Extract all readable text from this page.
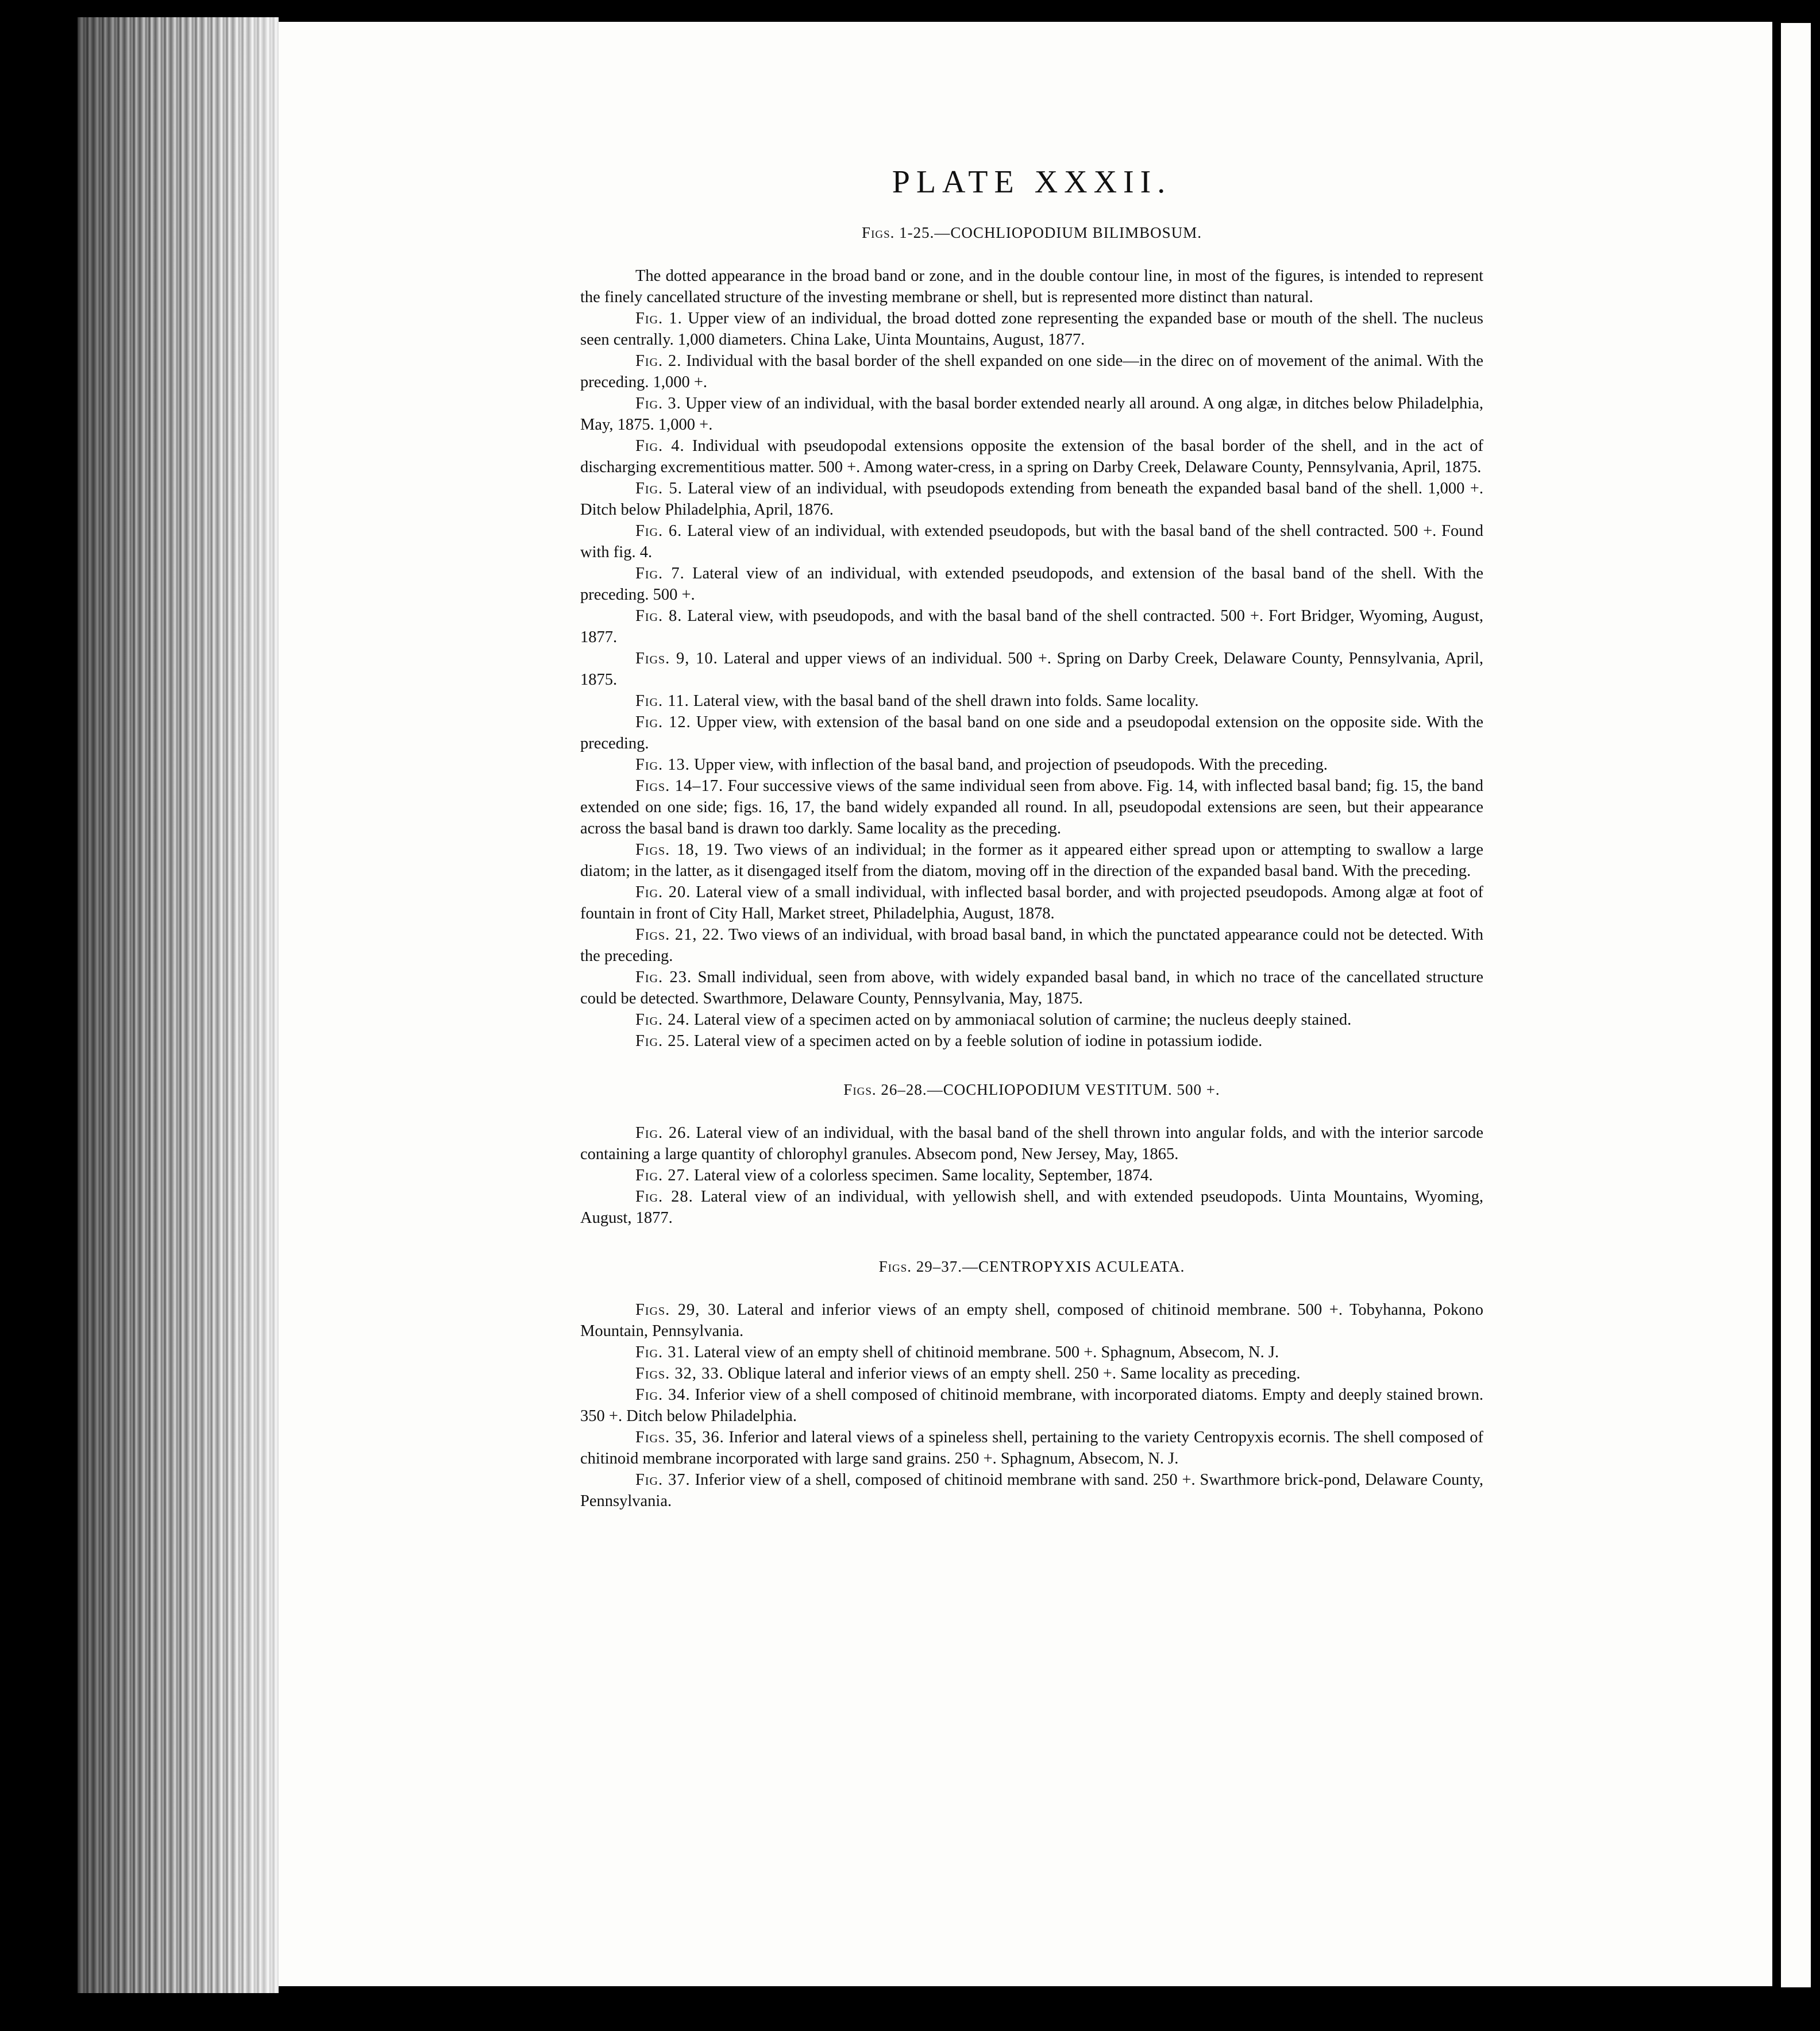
PLATE XXXII.
Figs. 1-25.—COCHLIOPODIUM BILIMBOSUM.

The dotted appearance in the broad band or zone, and in the double contour line, in most of the figures, is intended to represent the finely cancellated structure of the investing membrane or shell, but is represented more distinct than natural.

Fig. 1. Upper view of an individual, the broad dotted zone representing the expanded base or mouth of the shell. The nucleus seen centrally. 1,000 diameters. China Lake, Uinta Mountains, August, 1877.

Fig. 2. Individual with the basal border of the shell expanded on one side—in the direc on of movement of the animal. With the preceding. 1,000 +.

Fig. 3. Upper view of an individual, with the basal border extended nearly all around. A ong algæ, in ditches below Philadelphia, May, 1875. 1,000 +.

Fig. 4. Individual with pseudopodal extensions opposite the extension of the basal border of the shell, and in the act of discharging excrementitious matter. 500 +. Among water-cress, in a spring on Darby Creek, Delaware County, Pennsylvania, April, 1875.

Fig. 5. Lateral view of an individual, with pseudopods extending from beneath the expanded basal band of the shell. 1,000 +. Ditch below Philadelphia, April, 1876.

Fig. 6. Lateral view of an individual, with extended pseudopods, but with the basal band of the shell contracted. 500 +. Found with fig. 4.

Fig. 7. Lateral view of an individual, with extended pseudopods, and extension of the basal band of the shell. With the preceding. 500 +.

Fig. 8. Lateral view, with pseudopods, and with the basal band of the shell contracted. 500 +. Fort Bridger, Wyoming, August, 1877.

Figs. 9, 10. Lateral and upper views of an individual. 500 +. Spring on Darby Creek, Delaware County, Pennsylvania, April, 1875.

Fig. 11. Lateral view, with the basal band of the shell drawn into folds. Same locality.

Fig. 12. Upper view, with extension of the basal band on one side and a pseudopodal extension on the opposite side. With the preceding.

Fig. 13. Upper view, with inflection of the basal band, and projection of pseudopods. With the preceding.

Figs. 14–17. Four successive views of the same individual seen from above. Fig. 14, with inflected basal band; fig. 15, the band extended on one side; figs. 16, 17, the band widely expanded all round. In all, pseudopodal extensions are seen, but their appearance across the basal band is drawn too darkly. Same locality as the preceding.

Figs. 18, 19. Two views of an individual; in the former as it appeared either spread upon or attempting to swallow a large diatom; in the latter, as it disengaged itself from the diatom, moving off in the direction of the expanded basal band. With the preceding.

Fig. 20. Lateral view of a small individual, with inflected basal border, and with projected pseudopods. Among algæ at foot of fountain in front of City Hall, Market street, Philadelphia, August, 1878.

Figs. 21, 22. Two views of an individual, with broad basal band, in which the punctated appearance could not be detected. With the preceding.

Fig. 23. Small individual, seen from above, with widely expanded basal band, in which no trace of the cancellated structure could be detected. Swarthmore, Delaware County, Pennsylvania, May, 1875.

Fig. 24. Lateral view of a specimen acted on by ammoniacal solution of carmine; the nucleus deeply stained.

Fig. 25. Lateral view of a specimen acted on by a feeble solution of iodine in potassium iodide.

Figs. 26–28.—COCHLIOPODIUM VESTITUM. 500 +.

Fig. 26. Lateral view of an individual, with the basal band of the shell thrown into angular folds, and with the interior sarcode containing a large quantity of chlorophyl granules. Absecom pond, New Jersey, May, 1865.

Fig. 27. Lateral view of a colorless specimen. Same locality, September, 1874.

Fig. 28. Lateral view of an individual, with yellowish shell, and with extended pseudopods. Uinta Mountains, Wyoming, August, 1877.

Figs. 29–37.—CENTROPYXIS ACULEATA.

Figs. 29, 30. Lateral and inferior views of an empty shell, composed of chitinoid membrane. 500 +. Tobyhanna, Pokono Mountain, Pennsylvania.

Fig. 31. Lateral view of an empty shell of chitinoid membrane. 500 +. Sphagnum, Absecom, N. J.

Figs. 32, 33. Oblique lateral and inferior views of an empty shell. 250 +. Same locality as preceding.

Fig. 34. Inferior view of a shell composed of chitinoid membrane, with incorporated diatoms. Empty and deeply stained brown. 350 +. Ditch below Philadelphia.

Figs. 35, 36. Inferior and lateral views of a spineless shell, pertaining to the variety Centropyxis ecornis. The shell composed of chitinoid membrane incorporated with large sand grains. 250 +. Sphagnum, Absecom, N. J.

Fig. 37. Inferior view of a shell, composed of chitinoid membrane with sand. 250 +. Swarthmore brick-pond, Delaware County, Pennsylvania.
